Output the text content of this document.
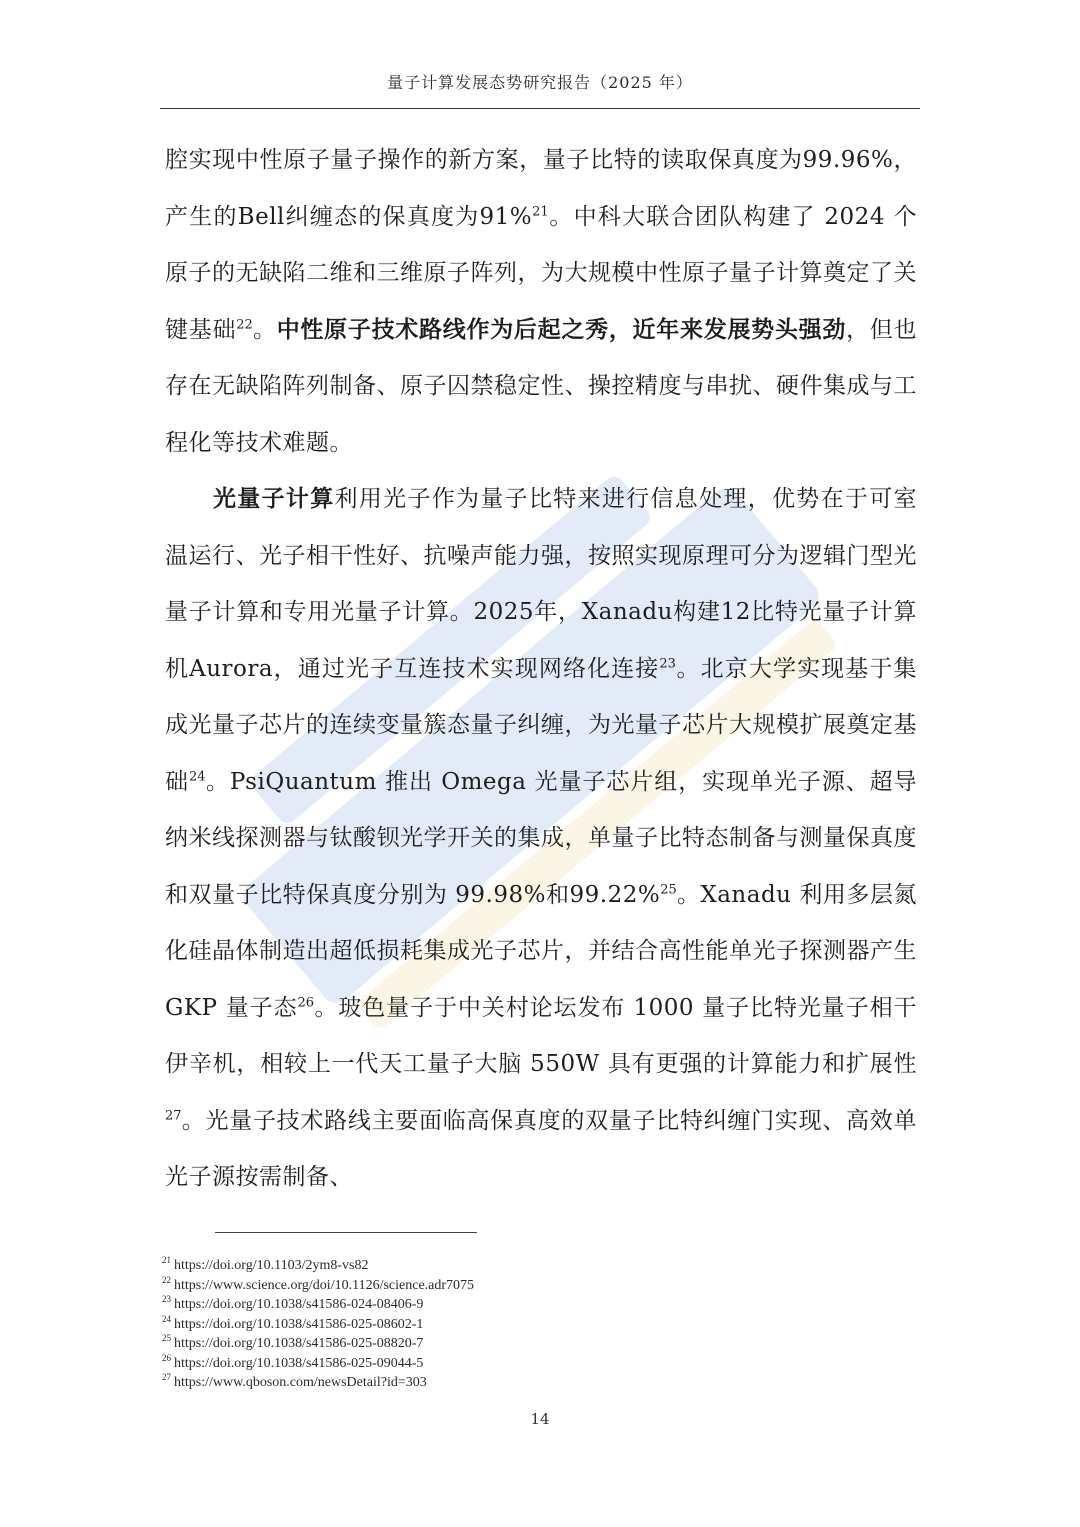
量子计算发展态势研究报告（2025 年）

腔实现中性原子量子操作的新方案，量子比特的读取保真度为99.96%，产生的Bell纠缠态的保真度为91%$^{21}$。中科大联合团队构建了 2024 个原子的无缺陷二维和三维原子阵列，为大规模中性原子量子计算奠定了关键基础$^{22}$。中性原子技术路线作为后起之秀，近年来发展势头强劲，但也存在无缺陷阵列制备、原子囚禁稳定性、操控精度与串扰、硬件集成与工程化等技术难题。

光量子计算利用光子作为量子比特来进行信息处理，优势在于可室温运行、光子相干性好、抗噪声能力强，按照实现原理可分为逻辑门型光量子计算和专用光量子计算。2025年，Xanadu构建12比特光量子计算机Aurora，通过光子互连技术实现网络化连接$^{23}$。北京大学实现基于集成光量子芯片的连续变量簇态量子纠缠，为光量子芯片大规模扩展奠定基础$^{24}$。PsiQuantum 推出 Omega 光量子芯片组，实现单光子源、超导纳米线探测器与钛酸钡光学开关的集成，单量子比特态制备与测量保真度和双量子比特保真度分别为 99.98%和99.22%$^{25}$。Xanadu 利用多层氮化硅晶体制造出超低损耗集成光子芯片，并结合高性能单光子探测器产生 GKP 量子态$^{26}$。玻色量子于中关村论坛发布 1000 量子比特光量子相干伊辛机，相较上一代天工量子大脑 550W 具有更强的计算能力和扩展性$^{27}$。光量子技术路线主要面临高保真度的双量子比特纠缠门实现、高效单光子源按需制备、

$^{21}$ https://doi.org/10.1103/2ym8-vs82
$^{22}$ https://www.science.org/doi/10.1126/science.adr7075
$^{23}$ https://doi.org/10.1038/s41586-024-08406-9
$^{24}$ https://doi.org/10.1038/s41586-025-08602-1
$^{25}$ https://doi.org/10.1038/s41586-025-08820-7
$^{26}$ https://doi.org/10.1038/s41586-025-09044-5
$^{27}$ https://www.qboson.com/newsDetail?id=303
14
